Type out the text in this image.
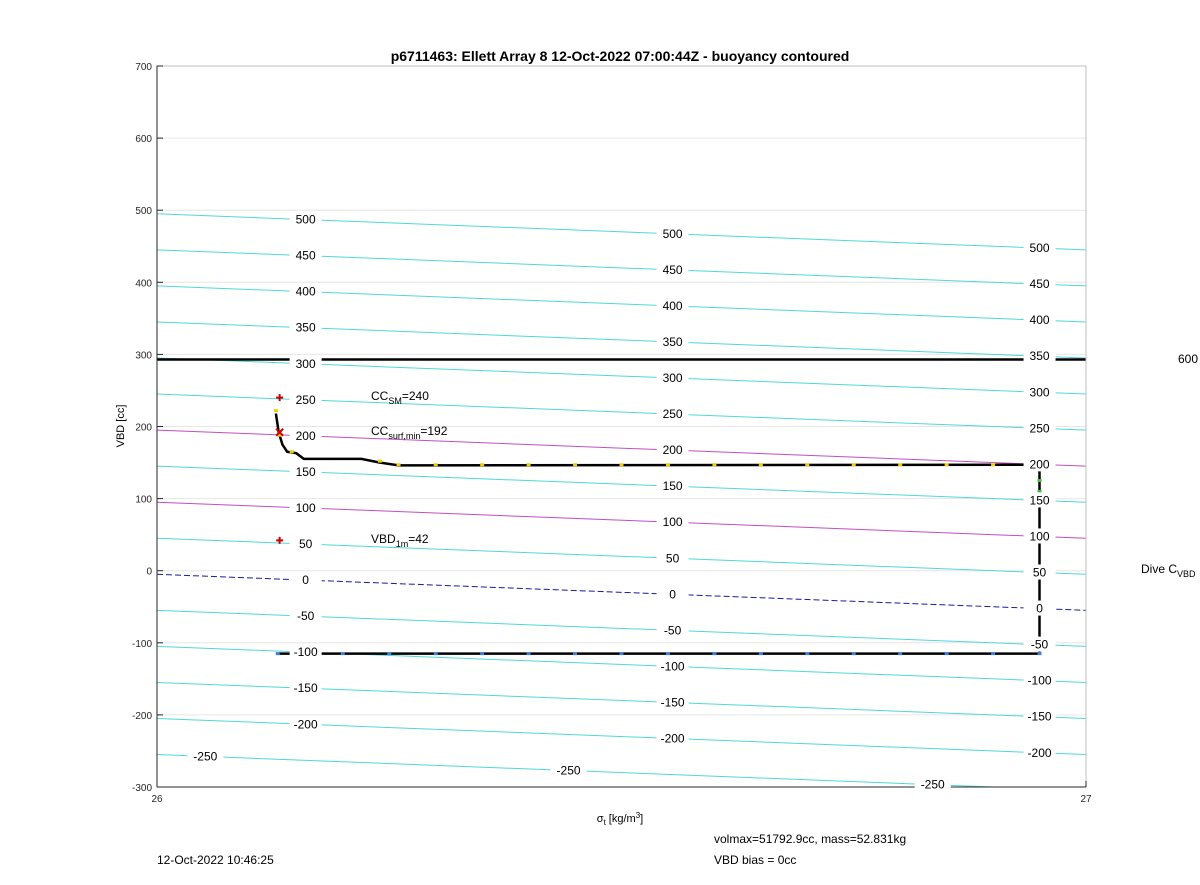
-300
-200
-100
0
100
200
300
400
500
600
700
26	27
500
450
400
350
300
250
200
150
100
50
0
-50
-100
-150
-200
500
450
400
350
300
250
200
150
100
50
0
-50
-100
-150
-200
500
450
400
350
300
250
200
150
100
50
0
-50
-100
-150
-200
-250
-250
-250
p6711463: Ellett Array 8 12-Oct-2022 07:00:44Z - buoyancy contoured
VBD [cc]
$\sigma_t$ $[kg/m^3]$
$CC_{SM}=240$
$CC_{surf,min}=192$
$VBD_{1m}=42$
600
Dive $C_{VBD}$
12-Oct-2022 10:46:25
volmax=51792.9cc, mass=52.831kg
VBD bias = 0cc
